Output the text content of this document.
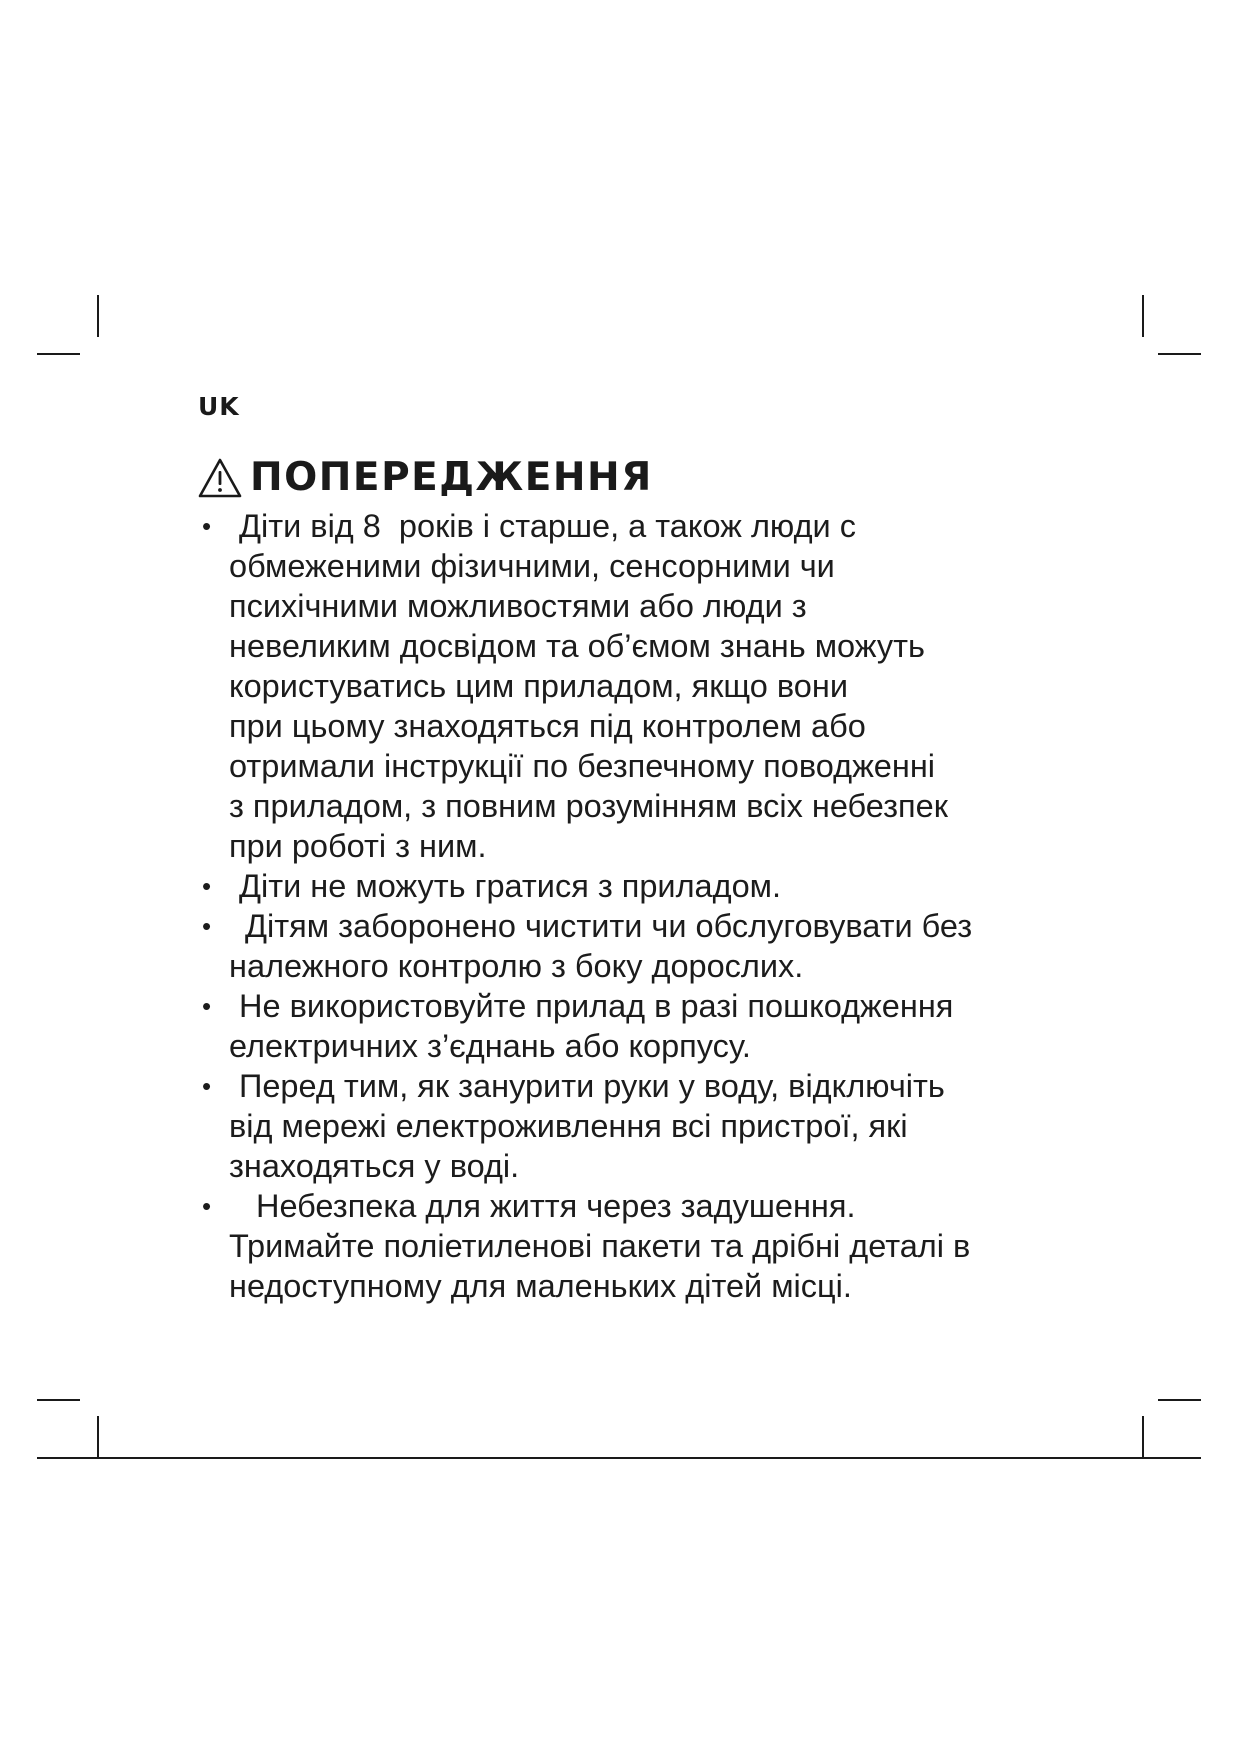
UK
ПОПЕРЕДЖЕННЯ
• Діти від 8  років і старше, а також люди с
обмеженими фізичними, сенсорними чи
психічними можливостями або люди з
невеликим досвідом та об’ємом знань можуть
користуватись цим приладом, якщо вони
при цьому знаходяться під контролем або
отримали інструкції по безпечному поводженні
з приладом, з повним розумінням всіх небезпек
при роботі з ним.
• Діти не можуть гратися з приладом.
• Дітям заборонено чистити чи обслуговувати без
належного контролю з боку дорослих.
• Не використовуйте прилад в разі пошкодження
електричних з’єднань або корпусу.
• Перед тим, як занурити руки у воду, відключіть
від мережі електроживлення всі пристрої, які
знаходяться у воді.
• Небезпека для життя через задушення.
Тримайте поліетиленові пакети та дрібні деталі в
недоступному для маленьких дітей місці.
